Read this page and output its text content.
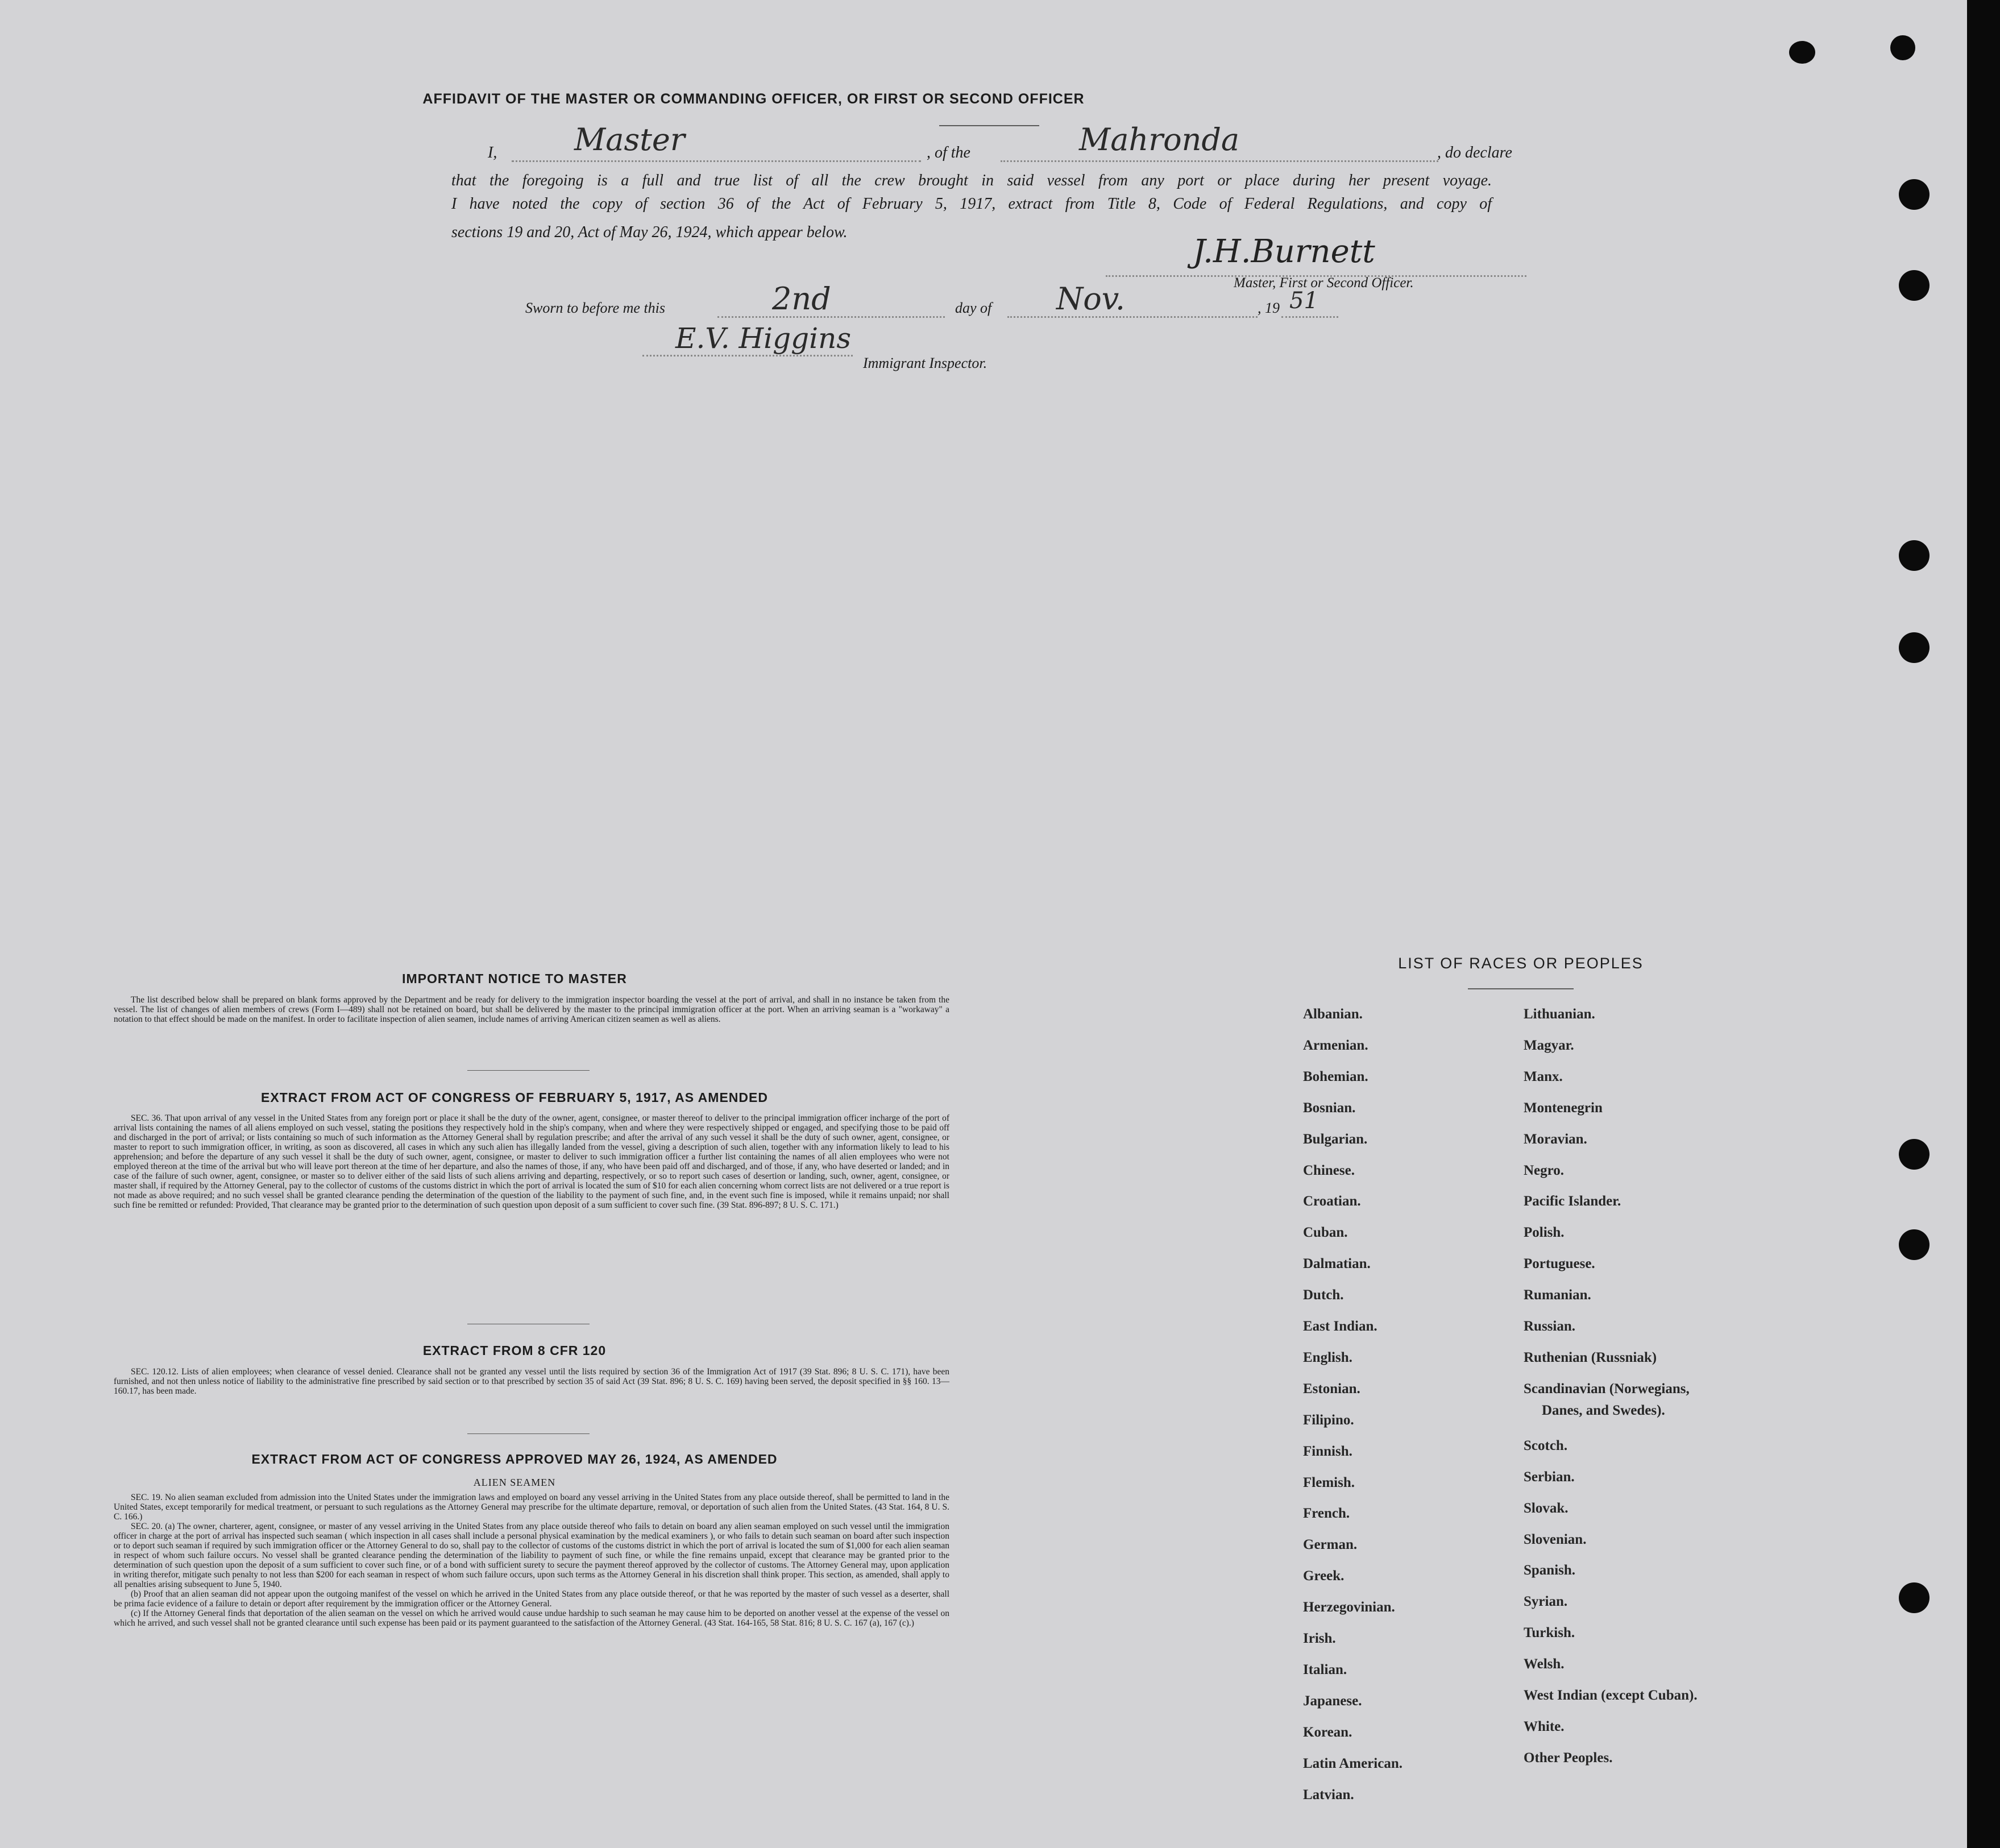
AFFIDAVIT OF THE MASTER OR COMMANDING OFFICER, OR FIRST OR SECOND OFFICER
I,	Master	, of the	Mahronda	, do declare
that the foregoing is a full and true list of all the crew brought in said vessel from any port or place during her present voyage.
I have noted the copy of section 36 of the Act of February 5, 1917, extract from Title 8, Code of Federal Regulations, and copy of
sections 19 and 20, Act of May 26, 1924, which appear below.
J.H.Burnett
Master, First or Second Officer.
Sworn to before me this	2nd	day of Nov.	, 19 51
E.V. Higgins
Immigrant Inspector.
IMPORTANT NOTICE TO MASTER

The list described below shall be prepared on blank forms approved by the Department and be ready for delivery to the immigration inspector boarding the vessel at the port of arrival, and shall in no instance be taken from the vessel. The list of changes of alien members of crews (Form I—489) shall not be retained on board, but shall be delivered by the master to the principal immigration officer at the port. When an arriving seaman is a "workaway" a notation to that effect should be made on the manifest. In order to facilitate inspection of alien seamen, include names of arriving American citizen seamen as well as aliens.

EXTRACT FROM ACT OF CONGRESS OF FEBRUARY 5, 1917, AS AMENDED

SEC. 36. That upon arrival of any vessel in the United States from any foreign port or place it shall be the duty of the owner, agent, consignee, or master thereof to deliver to the principal immigration officer incharge of the port of arrival lists containing the names of all aliens employed on such vessel, stating the positions they respectively hold in the ship's company, when and where they were respectively shipped or engaged, and specifying those to be paid off and discharged in the port of arrival; or lists containing so much of such information as the Attorney General shall by regulation prescribe; and after the arrival of any such vessel it shall be the duty of such owner, agent, consignee, or master to report to such immigration officer, in writing, as soon as discovered, all cases in which any such alien has illegally landed from the vessel, giving a description of such alien, together with any information likely to lead to his apprehension; and before the departure of any such vessel it shall be the duty of such owner, agent, consignee, or master to deliver to such immigration officer a further list containing the names of all alien employees who were not employed thereon at the time of the arrival but who will leave port thereon at the time of her departure, and also the names of those, if any, who have been paid off and discharged, and of those, if any, who have deserted or landed; and in case of the failure of such owner, agent, consignee, or master so to deliver either of the said lists of such aliens arriving and departing, respectively, or so to report such cases of desertion or landing, such, owner, agent, consignee, or master shall, if required by the Attorney General, pay to the collector of customs of the customs district in which the port of arrival is located the sum of $10 for each alien concerning whom correct lists are not delivered or a true report is not made as above required; and no such vessel shall be granted clearance pending the determination of the question of the liability to the payment of such fine, and, in the event such fine is imposed, while it remains unpaid; nor shall such fine be remitted or refunded: Provided, That clearance may be granted prior to the determination of such question upon deposit of a sum sufficient to cover such fine. (39 Stat. 896-897; 8 U. S. C. 171.)

EXTRACT FROM 8 CFR 120

SEC. 120.12. Lists of alien employees; when clearance of vessel denied. Clearance shall not be granted any vessel until the lists required by section 36 of the Immigration Act of 1917 (39 Stat. 896; 8 U. S. C. 171), have been furnished, and not then unless notice of liability to the administrative fine prescribed by said section or to that prescribed by section 35 of said Act (39 Stat. 896; 8 U. S. C. 169) having been served, the deposit specified in §§ 160. 13—160.17, has been made.

EXTRACT FROM ACT OF CONGRESS APPROVED MAY 26, 1924, AS AMENDED
ALIEN SEAMEN

SEC. 19. No alien seaman excluded from admission into the United States under the immigration laws and employed on board any vessel arriving in the United States from any place outside thereof, shall be permitted to land in the United States, except temporarily for medical treatment, or persuant to such regulations as the Attorney General may prescribe for the ultimate departure, removal, or deportation of such alien from the United States. (43 Stat. 164, 8 U. S. C. 166.)

SEC. 20. (a) The owner, charterer, agent, consignee, or master of any vessel arriving in the United States from any place outside thereof who fails to detain on board any alien seaman employed on such vessel until the immigration officer in charge at the port of arrival has inspected such seaman ( which inspection in all cases shall include a personal physical examination by the medical examiners ), or who fails to detain such seaman on board after such inspection or to deport such seaman if required by such immigration officer or the Attorney General to do so, shall pay to the collector of customs of the customs district in which the port of arrival is located the sum of $1,000 for each alien seaman in respect of whom such failure occurs. No vessel shall be granted clearance pending the determination of the liability to payment of such fine, or while the fine remains unpaid, except that clearance may be granted prior to the determination of such question upon the deposit of a sum sufficient to cover such fine, or of a bond with sufficient surety to secure the payment thereof approved by the collector of customs. The Attorney General may, upon application in writing therefor, mitigate such penalty to not less than $200 for each seaman in respect of whom such failure occurs, upon such terms as the Attorney General in his discretion shall think proper. This section, as amended, shall apply to all penalties arising subsequent to June 5, 1940.

(b) Proof that an alien seaman did not appear upon the outgoing manifest of the vessel on which he arrived in the United States from any place outside thereof, or that he was reported by the master of such vessel as a deserter, shall be prima facie evidence of a failure to detain or deport after requirement by the immigration officer or the Attorney General.

(c) If the Attorney General finds that deportation of the alien seaman on the vessel on which he arrived would cause undue hardship to such seaman he may cause him to be deported on another vessel at the expense of the vessel on which he arrived, and such vessel shall not be granted clearance until such expense has been paid or its payment guaranteed to the satisfaction of the Attorney General. (43 Stat. 164-165, 58 Stat. 816; 8 U. S. C. 167 (a), 167 (c).)

LIST OF RACES OR PEOPLES
Albanian.
Armenian.
Bohemian.
Bosnian.
Bulgarian.
Chinese.
Croatian.
Cuban.
Dalmatian.
Dutch.
East Indian.
English.
Estonian.
Filipino.
Finnish.
Flemish.
French.
German.
Greek.
Herzegovinian.
Irish.
Italian.
Japanese.
Korean.
Latin American.
Latvian.
Lithuanian.
Magyar.
Manx.
Montenegrin
Moravian.
Negro.
Pacific Islander.
Polish.
Portuguese.
Rumanian.
Russian.
Ruthenian (Russniak)
Scandinavian (Norwegians,
Danes, and Swedes).
Scotch.
Serbian.
Slovak.
Slovenian.
Spanish.
Syrian.
Turkish.
Welsh.
West Indian (except Cuban).
White.
Other Peoples.
